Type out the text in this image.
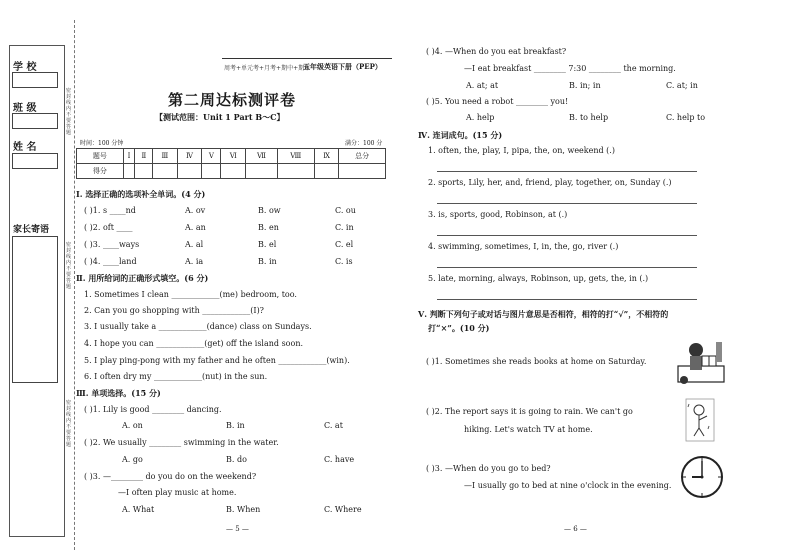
学 校
班 级
姓 名
家长寄语
密封线内不要答题
密封线内不要答题
密封线内不要答题
周考+单元考+月考+期中+期末
五年级英语下册（PEP）
第二周达标测评卷
【测试范围：Unit 1 Part B～C】
时间：100 分钟	满分：100 分
题号	Ⅰ	Ⅱ	Ⅲ	Ⅳ	Ⅴ	Ⅵ	Ⅶ	Ⅷ	Ⅸ	总分
得分										
Ⅰ. 选择正确的选项补全单词。(4 分)
( )1. s ____nd	A. ov	B. ow	C. ou
( )2. oft ____	A. an	B. en	C. in
( )3. ____ways	A. al	B. el	C. el
( )4. ____land	A. ia	B. in	C. is
Ⅱ. 用所给词的正确形式填空。(6 分)
1. Sometimes I clean ____________(me) bedroom, too.
2. Can you go shopping with ____________(I)?
3. I usually take a ____________(dance) class on Sundays.
4. I hope you can ____________(get) off the island soon.
5. I play ping-pong with my father and he often ____________(win).
6. I often dry my ____________(nut) in the sun.
Ⅲ. 单项选择。(15 分)
( )1. Lily is good ________ dancing.
A. on	B. in	C. at
( )2. We usually ________ swimming in the water.
A. go	B. do	C. have
( )3. —________ do you do on the weekend?
—I often play music at home.
A. What	B. When	C. Where
— 5 —
( )4. —When do you eat breakfast?
—I eat breakfast ________ 7:30 ________ the morning.
A. at; at	B. in; in	C. at; in
( )5. You need a robot ________ you!
A. help	B. to help	C. help to
Ⅳ. 连词成句。(15 分)
1. often, the, play, I, pipa, the, on, weekend (.)
2. sports, Lily, her, and, friend, play, together, on, Sunday (.)
3. is, sports, good, Robinson, at (.)
4. swimming, sometimes, I, in, the, go, river (.)
5. late, morning, always, Robinson, up, gets, the, in (.)
Ⅴ. 判断下列句子或对话与图片意思是否相符，相符的打“√”，不相符的
打“×”。(10 分)
( )1. Sometimes she reads books at home on Saturday.
( )2. The report says it is going to rain. We can't go
hiking. Let's watch TV at home.
( )3. —When do you go to bed?
—I usually go to bed at nine o'clock in the evening.
— 6 —
